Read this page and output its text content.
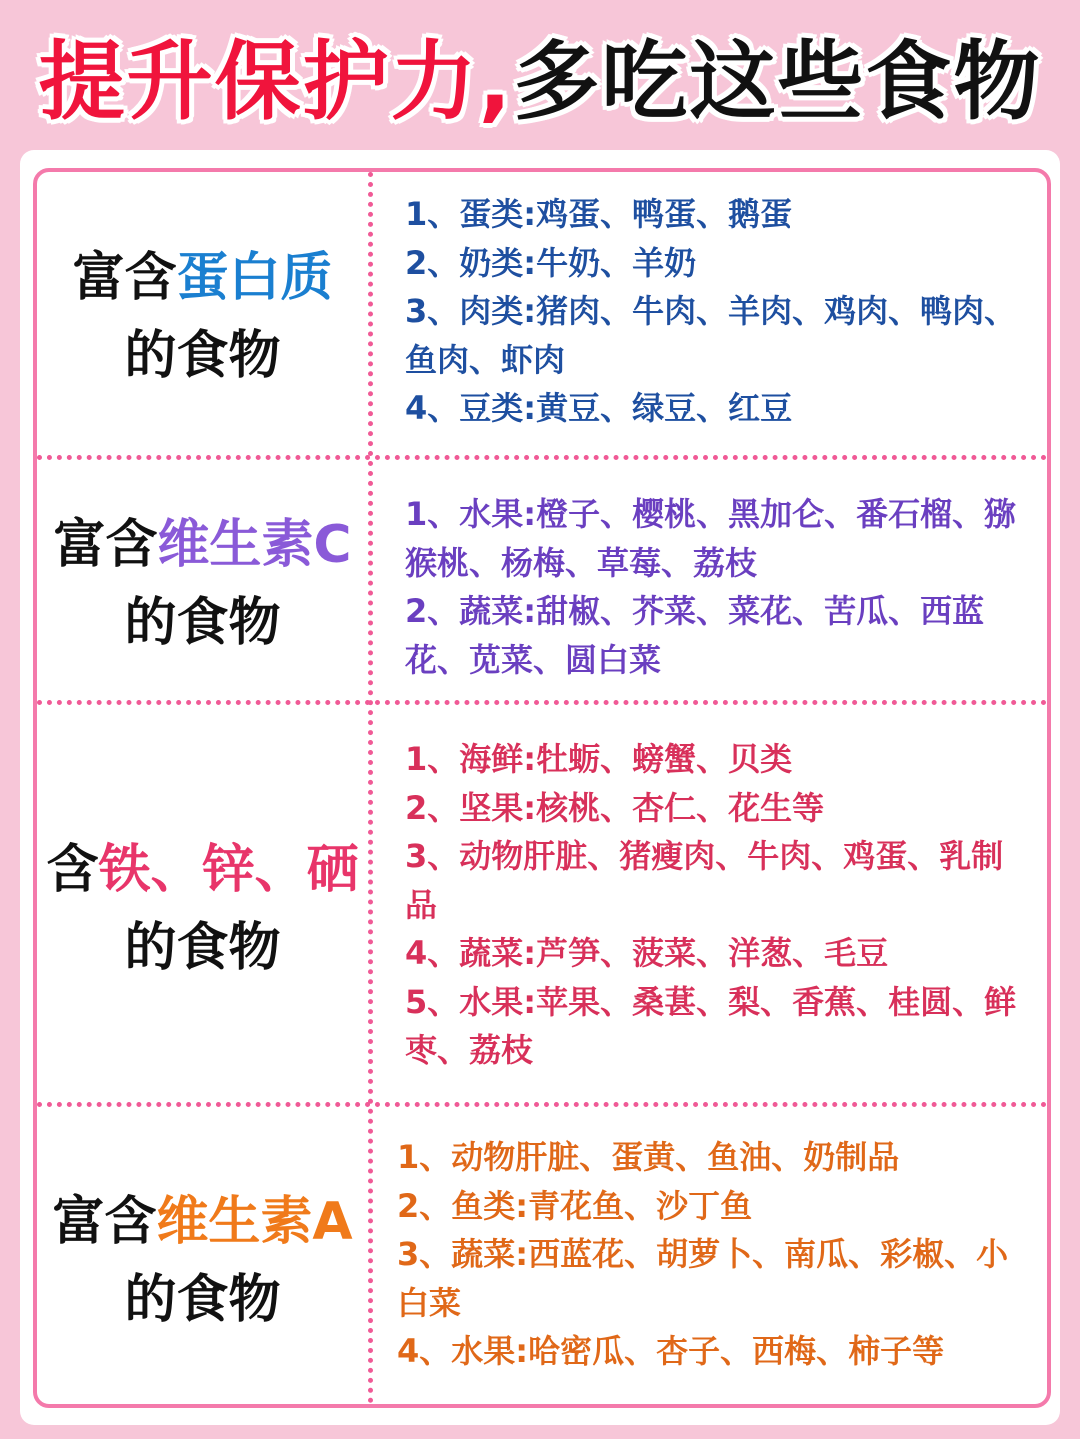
提升保护力,多吃这些食物
富含蛋白质
的食物

1、蛋类:鸡蛋、鸭蛋、鹅蛋

2、奶类:牛奶、羊奶

3、肉类:猪肉、牛肉、羊肉、鸡肉、鸭肉、鱼肉、虾肉

4、豆类:黄豆、绿豆、红豆

富含维生素C
的食物

1、水果:橙子、樱桃、黑加仑、番石榴、猕猴桃、杨梅、草莓、荔枝

2、蔬菜:甜椒、芥菜、菜花、苦瓜、西蓝花、苋菜、圆白菜

含铁、锌、硒
的食物

1、海鲜:牡蛎、螃蟹、贝类

2、坚果:核桃、杏仁、花生等

3、动物肝脏、猪瘦肉、牛肉、鸡蛋、乳制品

4、蔬菜:芦笋、菠菜、洋葱、毛豆

5、水果:苹果、桑葚、梨、香蕉、桂圆、鲜枣、荔枝

富含维生素A
的食物

1、动物肝脏、蛋黄、鱼油、奶制品

2、鱼类:青花鱼、沙丁鱼

3、蔬菜:西蓝花、胡萝卜、南瓜、彩椒、小白菜

4、水果:哈密瓜、杏子、西梅、柿子等
